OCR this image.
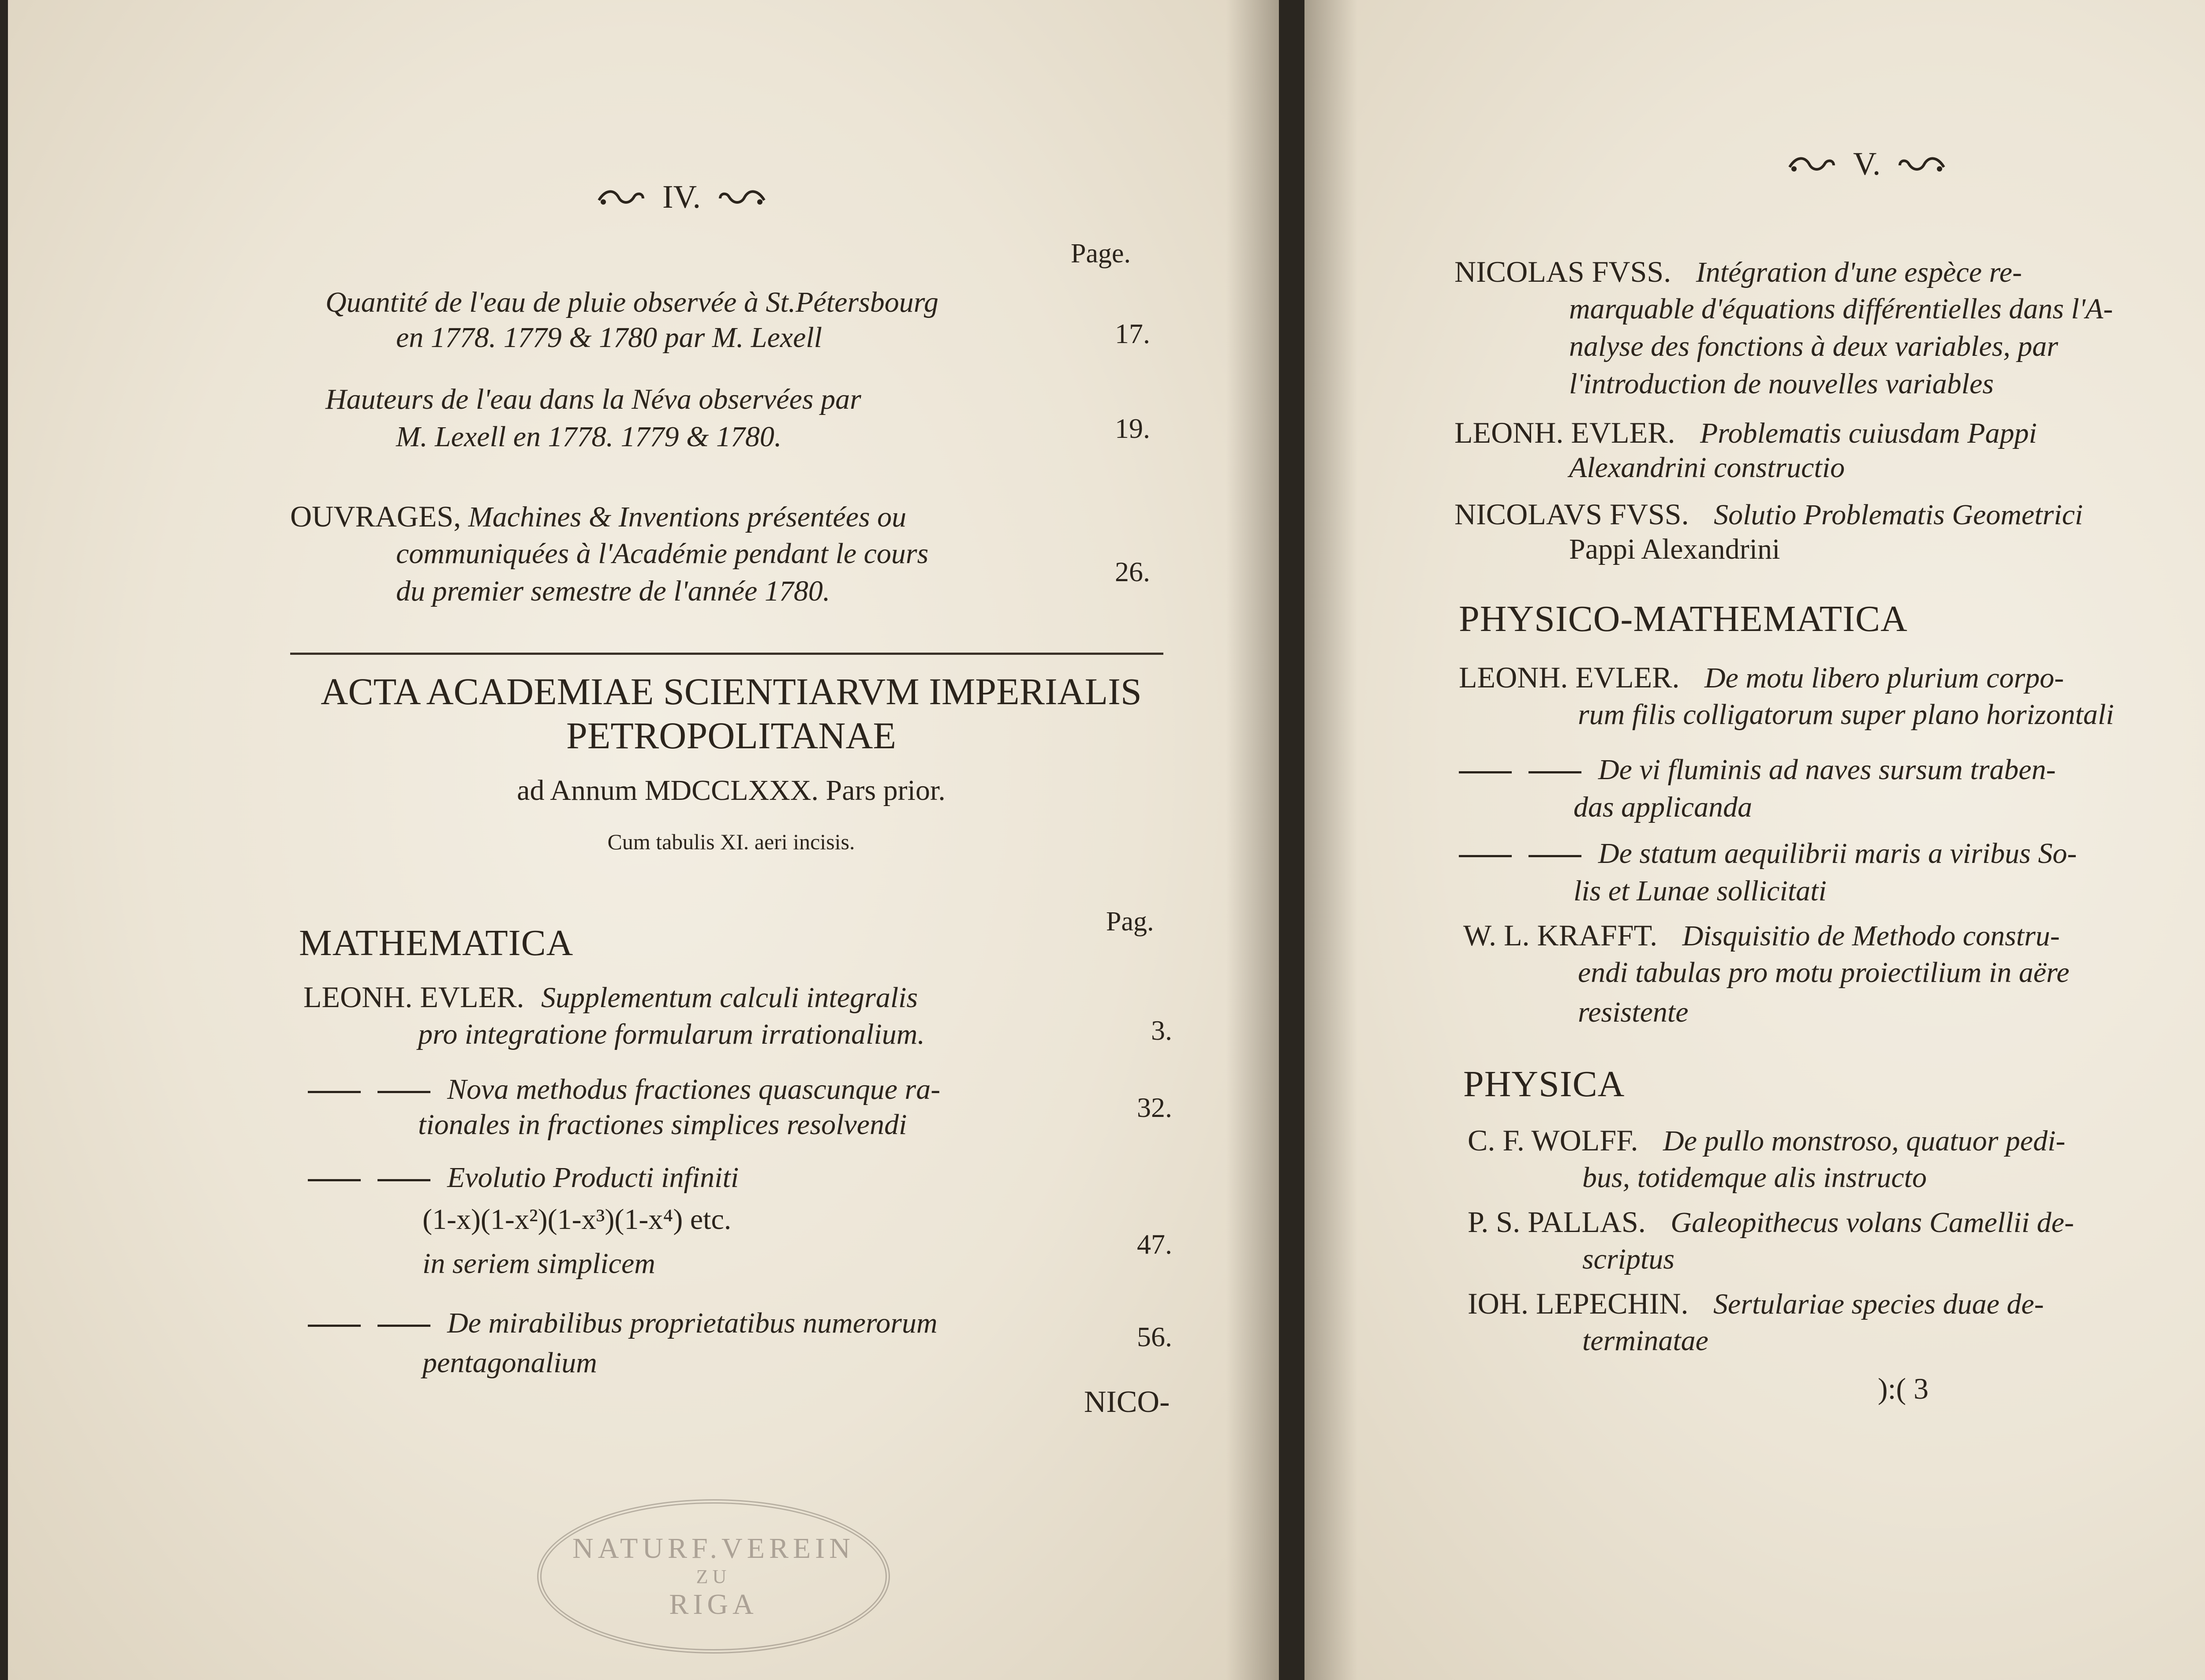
IV.
Page.
Quantité de l'eau de pluie observée à St.Pétersbourg
en 1778. 1779 & 1780 par M. Lexell	17.
Hauteurs de l'eau dans la Néva observées par
M. Lexell en 1778. 1779 & 1780.	19.
OUVRAGES, Machines & Inventions présentées ou
communiquées à l'Académie pendant le cours
du premier semestre de l'année 1780.
26.
ACTA ACADEMIAE SCIENTIARVM IMPERIALIS
PETROPOLITANAE
ad Annum MDCCLXXX. Pars prior.
Cum tabulis XI. aeri incisis.
MATHEMATICA
Pag.
LEONH. EVLER. Supplementum calculi integralis
pro integratione formularum irrationalium.	3.
Nova methodus fractiones quascunque ra-
tionales in fractiones simplices resolvendi
32.
Evolutio Producti infiniti
(1-x)(1-x²)(1-x³)(1-x⁴) etc.
in seriem simplicem
47.
De mirabilibus proprietatibus numerorum
pentagonalium
56.
NICO-
NATURF.VEREIN
ZU
RIGA
V.
NICOLAS FVSS. Intégration d'une espèce re-
marquable d'équations différentielles dans l'A-
nalyse des fonctions à deux variables, par
l'introduction de nouvelles variables
LEONH. EVLER. Problematis cuiusdam Pappi
Alexandrini constructio
NICOLAVS FVSS. Solutio Problematis Geometrici
Pappi Alexandrini
PHYSICO-MATHEMATICA
LEONH. EVLER. De motu libero plurium corpo-
rum filis colligatorum super plano horizontali
De vi fluminis ad naves sursum traben-
das applicanda
De statum aequilibrii maris a viribus So-
lis et Lunae sollicitati
W. L. KRAFFT. Disquisitio de Methodo constru-
endi tabulas pro motu proiectilium in aëre
resistente
PHYSICA
C. F. WOLFF. De pullo monstroso, quatuor pedi-
bus, totidemque alis instructo
P. S. PALLAS. Galeopithecus volans Camellii de-
scriptus
IOH. LEPECHIN. Sertulariae species duae de-
terminatae
):( 3
